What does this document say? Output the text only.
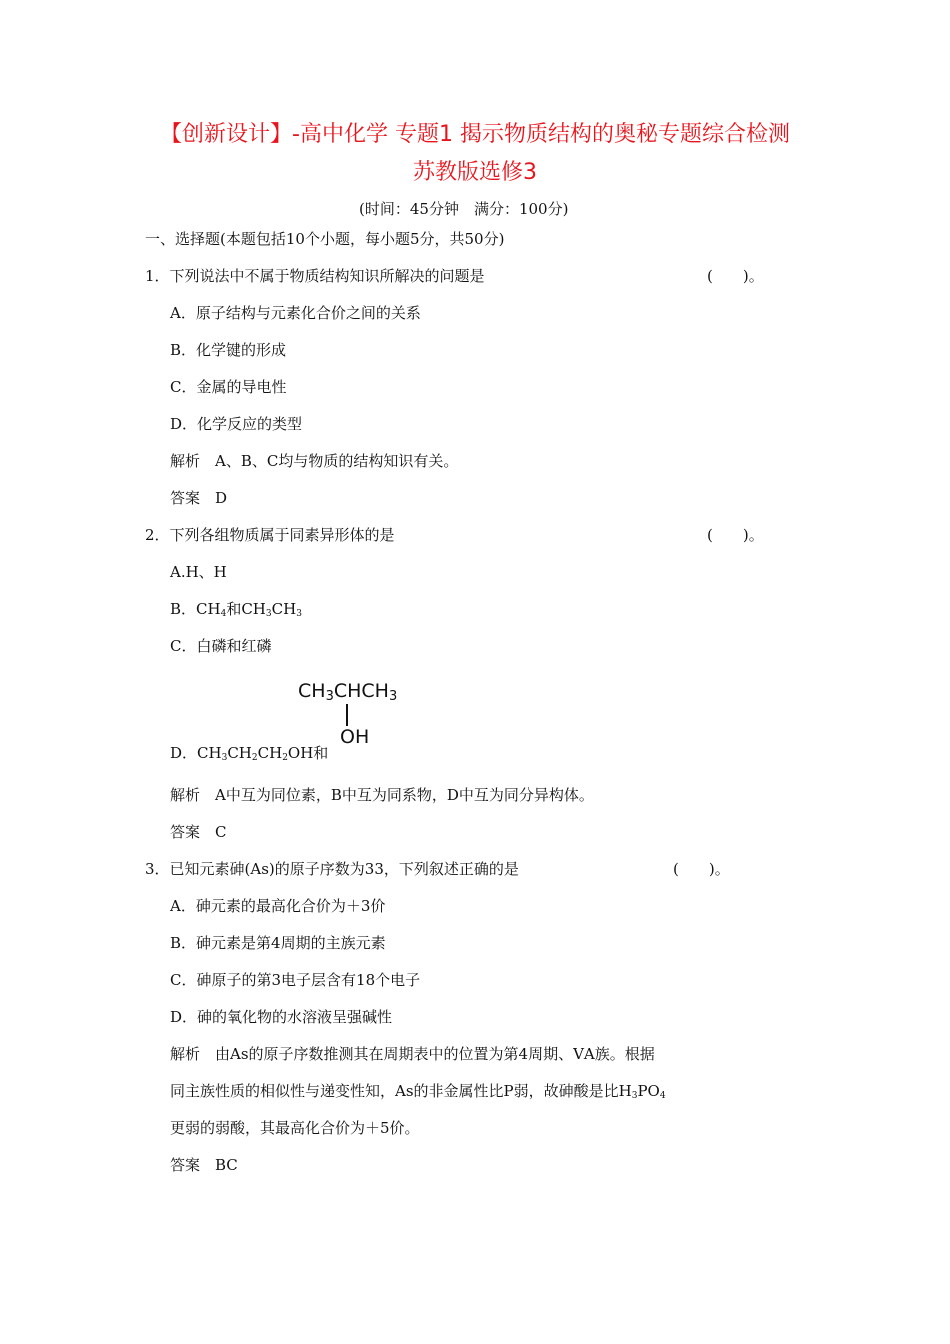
【创新设计】-高中化学 专题1 揭示物质结构的奥秘专题综合检测
苏教版选修3
(时间：45分钟　满分：100分)
一、选择题(本题包括10个小题，每小题5分，共50分)
1．下列说法中不属于物质结构知识所解决的问题是	(　　)。
A．原子结构与元素化合价之间的关系
B．化学键的形成
C．金属的导电性
D．化学反应的类型
解析　A、B、C均与物质的结构知识有关。
答案　D
2．下列各组物质属于同素异形体的是	(　　)。
A.H、H
B．$CH_4$和$CH_3CH_3$
C．白磷和红磷
CH3CHCH3
OH
D．$CH_3CH_2CH_2OH$和
解析　A中互为同位素，B中互为同系物，D中互为同分异构体。
答案　C
3．已知元素砷(As)的原子序数为33，下列叙述正确的是	(　　)。
A．砷元素的最高化合价为＋3价
B．砷元素是第4周期的主族元素
C．砷原子的第3电子层含有18个电子
D．砷的氧化物的水溶液呈强碱性
解析　由As的原子序数推测其在周期表中的位置为第4周期、ⅤA族。根据
同主族性质的相似性与递变性知，As的非金属性比P弱，故砷酸是比$H_3PO_4$
更弱的弱酸，其最高化合价为＋5价。
答案　BC
